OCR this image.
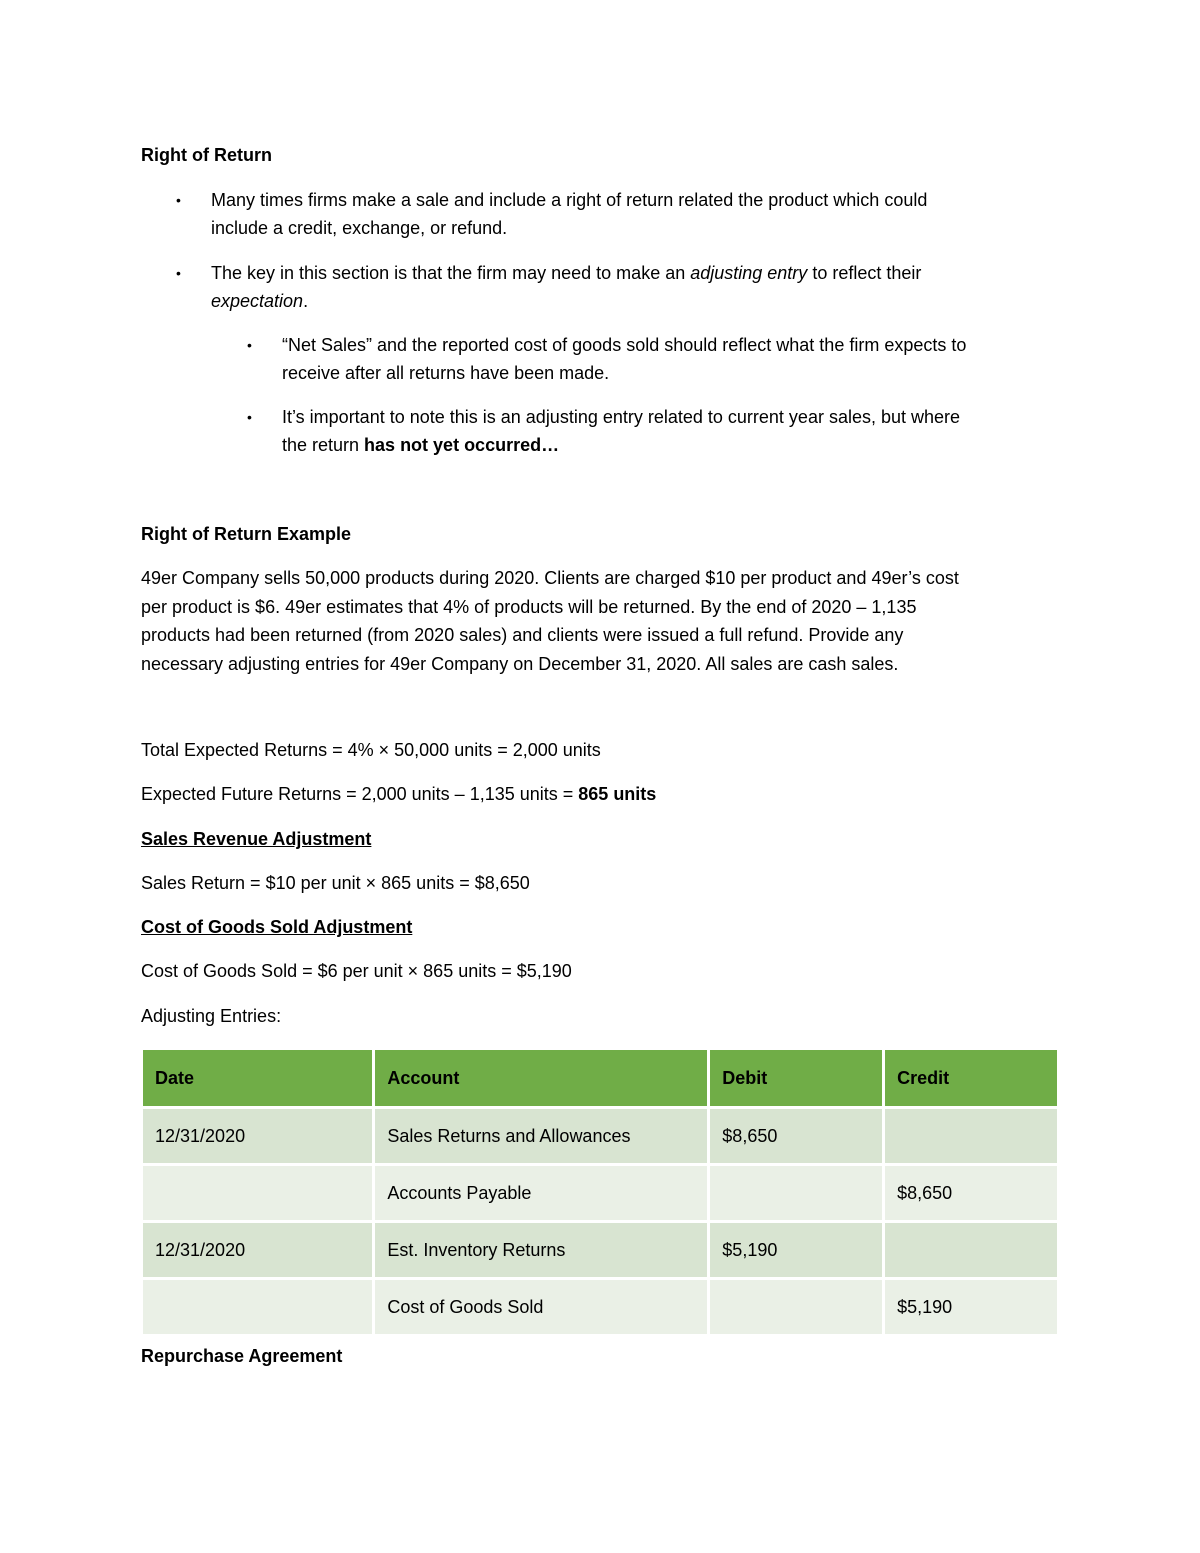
Right of Return
• Many times firms make a sale and include a right of return related the product which could
include a credit, exchange, or refund.
• The key in this section is that the firm may need to make an adjusting entry to reflect their
expectation.
• “Net Sales” and the reported cost of goods sold should reflect what the firm expects to
receive after all returns have been made.
• It’s important to note this is an adjusting entry related to current year sales, but where
the return has not yet occurred…
Right of Return Example
49er Company sells 50,000 products during 2020. Clients are charged $10 per product and 49er’s cost
per product is $6. 49er estimates that 4% of products will be returned. By the end of 2020 – 1,135
products had been returned (from 2020 sales) and clients were issued a full refund. Provide any
necessary adjusting entries for 49er Company on December 31, 2020. All sales are cash sales.
Total Expected Returns = 4% × 50,000 units = 2,000 units
Expected Future Returns = 2,000 units – 1,135 units = 865 units
Sales Revenue Adjustment
Sales Return = $10 per unit × 865 units = $8,650
Cost of Goods Sold Adjustment
Cost of Goods Sold = $6 per unit × 865 units = $5,190
Adjusting Entries:
Date	Account	Debit	Credit
12/31/2020	Sales Returns and Allowances	$8,650	
	Accounts Payable		$8,650
12/31/2020	Est. Inventory Returns	$5,190	
	Cost of Goods Sold		$5,190
Repurchase Agreement
